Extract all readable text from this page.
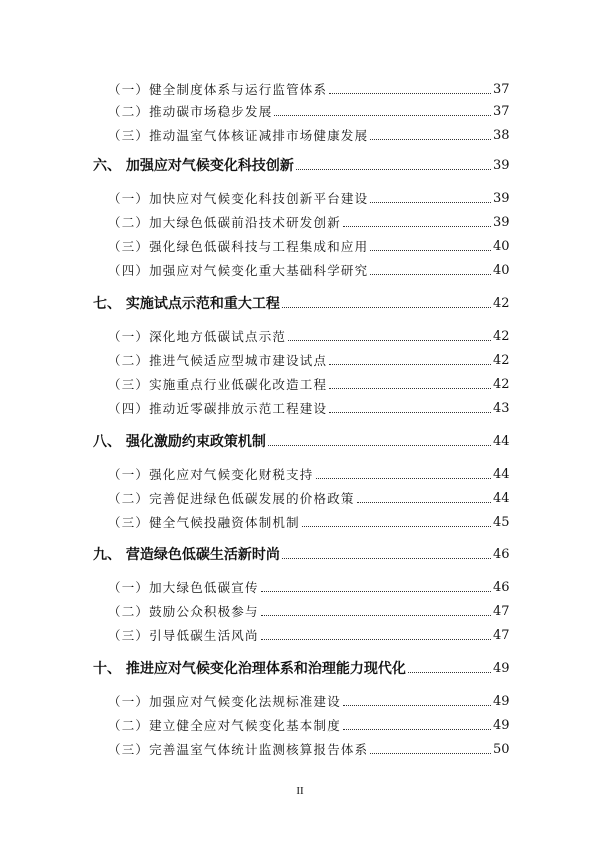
（一）健全制度体系与运行监管体系	37
（二）推动碳市场稳步发展	37
（三）推动温室气体核证减排市场健康发展	38
六、 加强应对气候变化科技创新	39
（一）加快应对气候变化科技创新平台建设	39
（二）加大绿色低碳前沿技术研发创新	39
（三）强化绿色低碳科技与工程集成和应用	40
（四）加强应对气候变化重大基础科学研究	40
七、 实施试点示范和重大工程	42
（一）深化地方低碳试点示范	42
（二）推进气候适应型城市建设试点	42
（三）实施重点行业低碳化改造工程	42
（四）推动近零碳排放示范工程建设	43
八、 强化激励约束政策机制	44
（一）强化应对气候变化财税支持	44
（二）完善促进绿色低碳发展的价格政策	44
（三）健全气候投融资体制机制	45
九、 营造绿色低碳生活新时尚	46
（一）加大绿色低碳宣传	46
（二）鼓励公众积极参与	47
（三）引导低碳生活风尚	47
十、 推进应对气候变化治理体系和治理能力现代化	49
（一）加强应对气候变化法规标准建设	49
（二）建立健全应对气候变化基本制度	49
（三）完善温室气体统计监测核算报告体系	50
II
